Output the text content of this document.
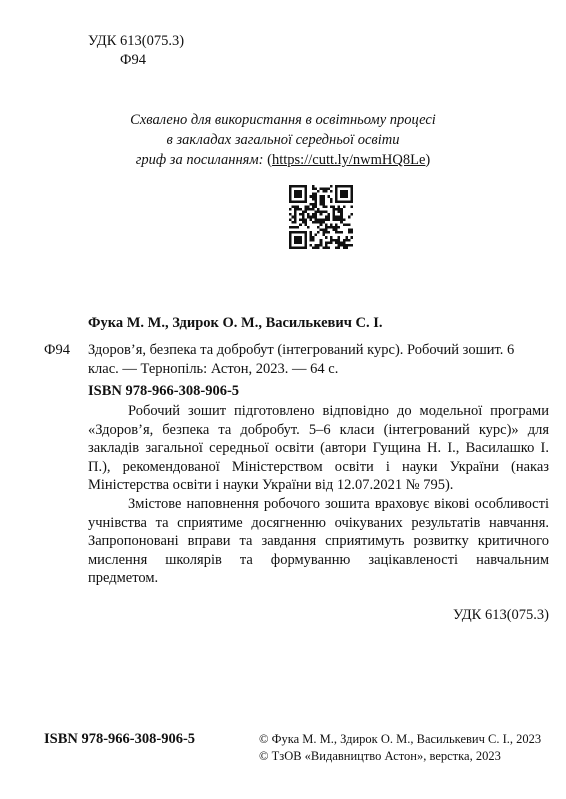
УДК 613(075.3)
Ф94
Схвалено для використання в освітньому процесі
в закладах загальної середньої освіти
гриф за посиланням: (https://cutt.ly/nwmHQ8Le)
Фука М. М., Здирок О. М., Василькевич С. І.
Ф94 Здоров’я, безпека та добробут (інтегрований курс). Робочий зошит. 6 клас. — Тернопіль: Астон, 2023. — 64 с.
ISBN 978-966-308-906-5

Робочий зошит підготовлено відповідно до модельної програми «Здоров’я, безпека та добробут. 5–6 класи (інтегрований курс)» для закладів загальної середньої освіти (автори Гущина Н. І., Василашко І. П.), рекомендованої Міністерством освіти і науки України (наказ Міністерства освіти і науки України від 12.07.2021 № 795).

Змістове наповнення робочого зошита враховує вікові особливості учнівства та сприятиме досягненню очікуваних результатів навчання. Запропоновані вправи та завдання сприятимуть розвитку критичного мислення школярів та формуванню зацікавленості навчальним предметом.

УДК 613(075.3)
ISBN 978-966-308-906-5	© Фука М. М., Здирок О. М., Василькевич С. І., 2023
© ТзОВ «Видавництво Астон», верстка, 2023
